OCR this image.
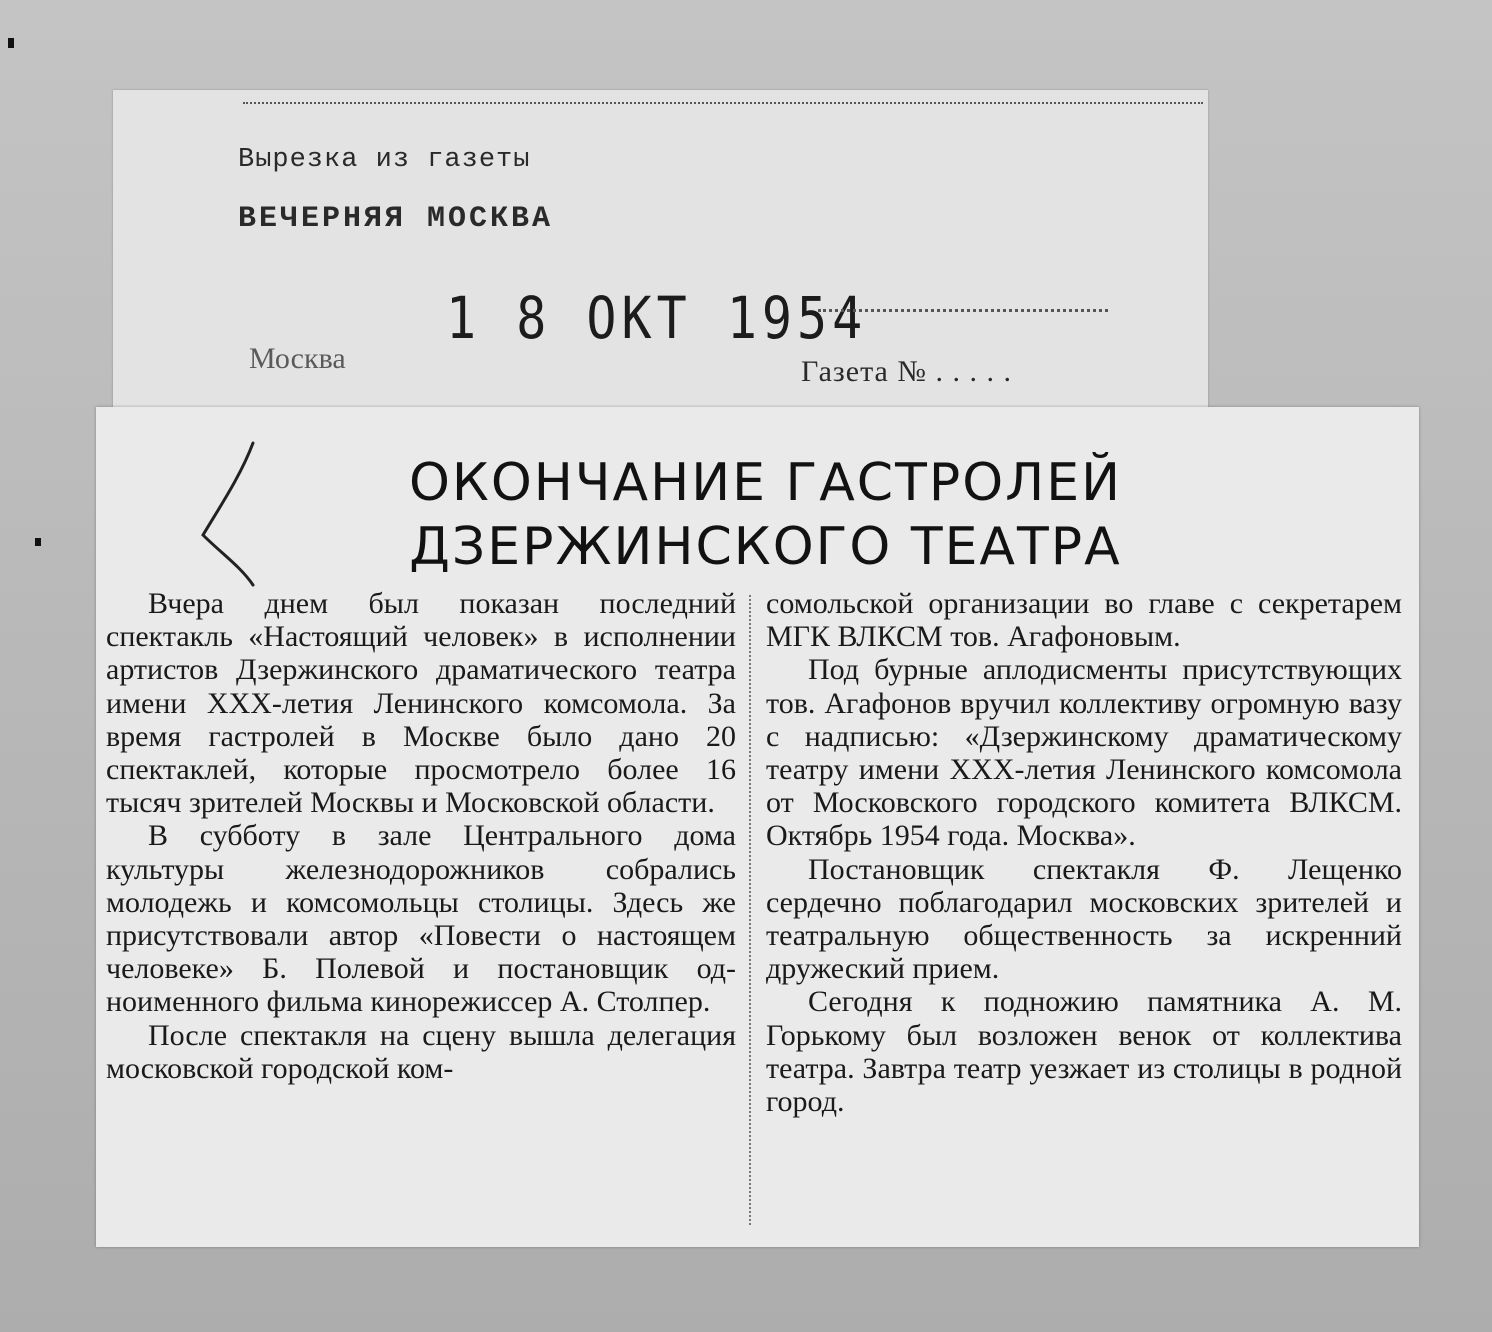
Вырезка из газеты
ВЕЧЕРНЯЯ МОСКВА
1 8 ОКТ 1954
Москва	Газета № . . . . .
ОКОНЧАНИЕ ГАСТРОЛЕЙ
ДЗЕРЖИНСКОГО ТЕАТРА

Вчера днем был показан последний спектакль «Настоящий человек» в исполнении артистов Дзержинского драматического театра имени XXX-летия Ленинского комсомола. За время гастролей в Москве было дано 20 спектаклей, которые просмотрело более 16 тысяч зрителей Москвы и Московской области.

В субботу в зале Центрального дома культуры железнодорожников собрались молодежь и комсомольцы столицы. Здесь же присутствовали автор «Повести о настоящем человеке» Б. Полевой и постановщик одноименного фильма кинорежиссер А. Столпер.

После спектакля на сцену вышла делегация московской городской ком-

сомольской организации во главе с секретарем МГК ВЛКСМ тов. Агафоновым.

Под бурные аплодисменты присутствующих тов. Агафонов вручил коллективу огромную вазу с надписью: «Дзержинскому драматическому театру имени XXX-летия Ленинского комсомола от Московского городского комитета ВЛКСМ. Октябрь 1954 года. Москва».

Постановщик спектакля Ф. Лещенко сердечно поблагодарил московских зрителей и театральную общественность за искренний дружеский прием.

Сегодня к подножию памятника А. М. Горькому был возложен венок от коллектива театра. Завтра театр уезжает из столицы в родной город.
